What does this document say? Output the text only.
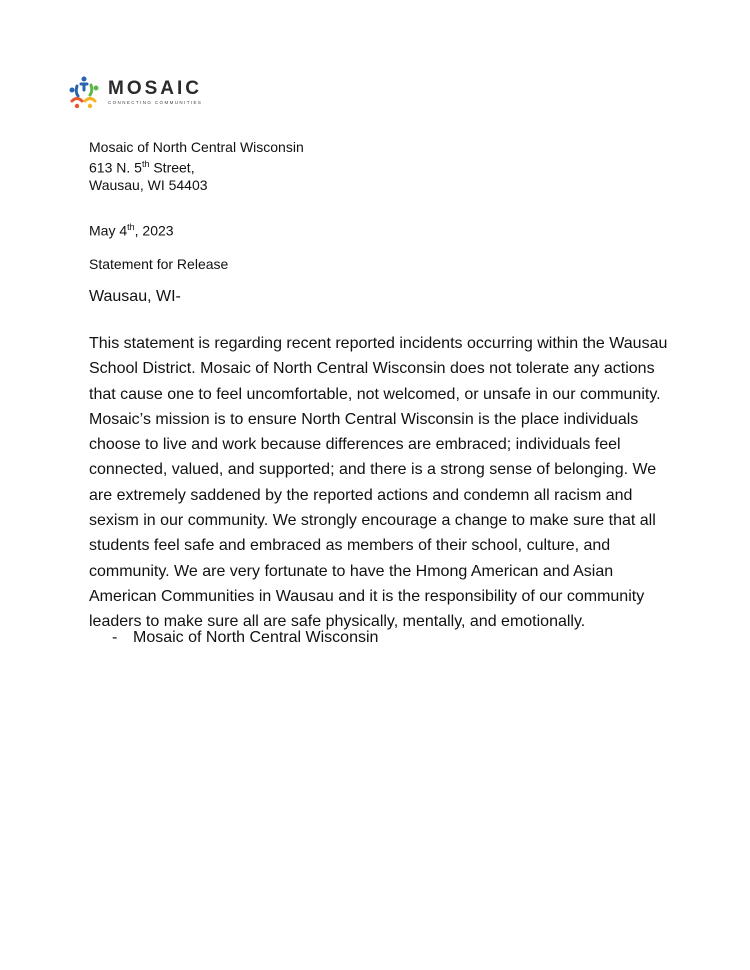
MOSAIC
CONNECTING COMMUNITIES
Mosaic of North Central Wisconsin
613 N. 5th Street,
Wausau, WI 54403
May 4th, 2023
Statement for Release
Wausau, WI-
This statement is regarding recent reported incidents occurring within the Wausau School District. Mosaic of North Central Wisconsin does not tolerate any actions that cause one to feel uncomfortable, not welcomed, or unsafe in our community. Mosaic’s mission is to ensure North Central Wisconsin is the place individuals choose to live and work because differences are embraced; individuals feel connected, valued, and supported; and there is a strong sense of belonging. We are extremely saddened by the reported actions and condemn all racism and sexism in our community. We strongly encourage a change to make sure that all students feel safe and embraced as members of their school, culture, and community. We are very fortunate to have the Hmong American and Asian American Communities in Wausau and it is the responsibility of our community leaders to make sure all are safe physically, mentally, and emotionally.
- Mosaic of North Central Wisconsin
